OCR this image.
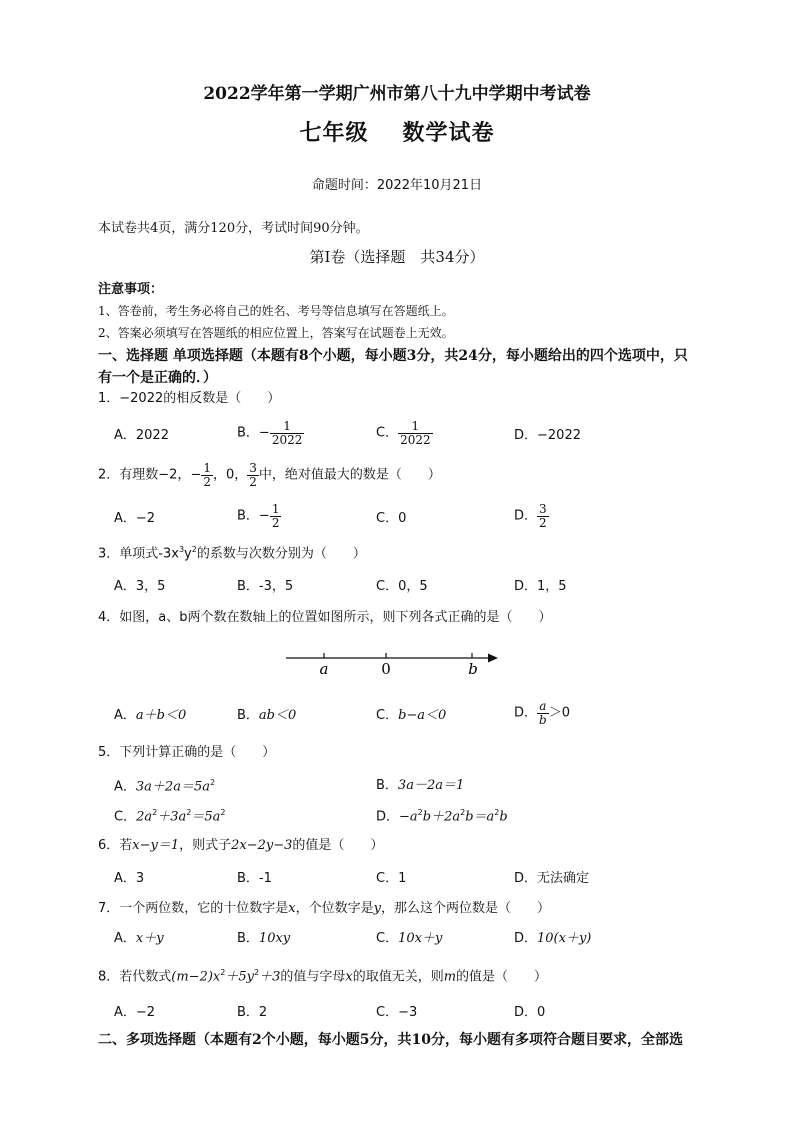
2022学年第一学期广州市第八十九中学期中考试卷
七年级 数学试卷
命题时间：2022年10月21日
本试卷共4页，满分120分，考试时间90分钟。
第I卷（选择题　共34分）
注意事项：
1、答卷前，考生务必将自己的姓名、考号等信息填写在答题纸上。
2、答案必须填写在答题纸的相应位置上，答案写在试题卷上无效。
一、选择题 单项选择题（本题有8个小题，每小题3分，共24分，每小题给出的四个选项中，只
有一个是正确的．）
1．−2022的相反数是（　　）
A．2022	B．− $\frac{1}{2022}$	C． $\frac{1}{2022}$	D．−2022
2．有理数−2，− $\frac{1}{2}$ ，0， $\frac{3}{2}$ 中，绝对值最大的数是（　　）
A．−2	B．− $\frac{1}{2}$	C．0	D． $\frac{3}{2}$
3．单项式$-3x^3y^2$的系数与次数分别为（　　）
A．3，5	B．-3，5	C．0，5	D．1，5
4．如图，a、b两个数在数轴上的位置如图所示，则下列各式正确的是（　　）
a	0	b
A．a＋b＜0	B．ab＜0	C．b−a＜0	D． $\frac{a}{b} >0$
5．下列计算正确的是（　　）
A．$3a+2a=5a^2$	B．3a－2a＝1
C．$2a^2+3a^2=5a^2$	D．$-a^2b+2a^2b=a^2b$
6．若x−y＝1，则式子2x−2y−3的值是（　　）
A．3	B．-1	C．1	D．无法确定
7．一个两位数，它的十位数字是x，个位数字是y，那么这个两位数是（　　）
A．x＋y	B．10xy	C．10x＋y	D．10(x＋y)
8．若代数式$(m-2)x^2+5y^2+3$的值与字母x的取值无关，则m的值是（　　）
A．−2	B．2	C．−3	D．0
二、多项选择题（本题有2个小题，每小题5分，共10分，每小题有多项符合题目要求，全部选
